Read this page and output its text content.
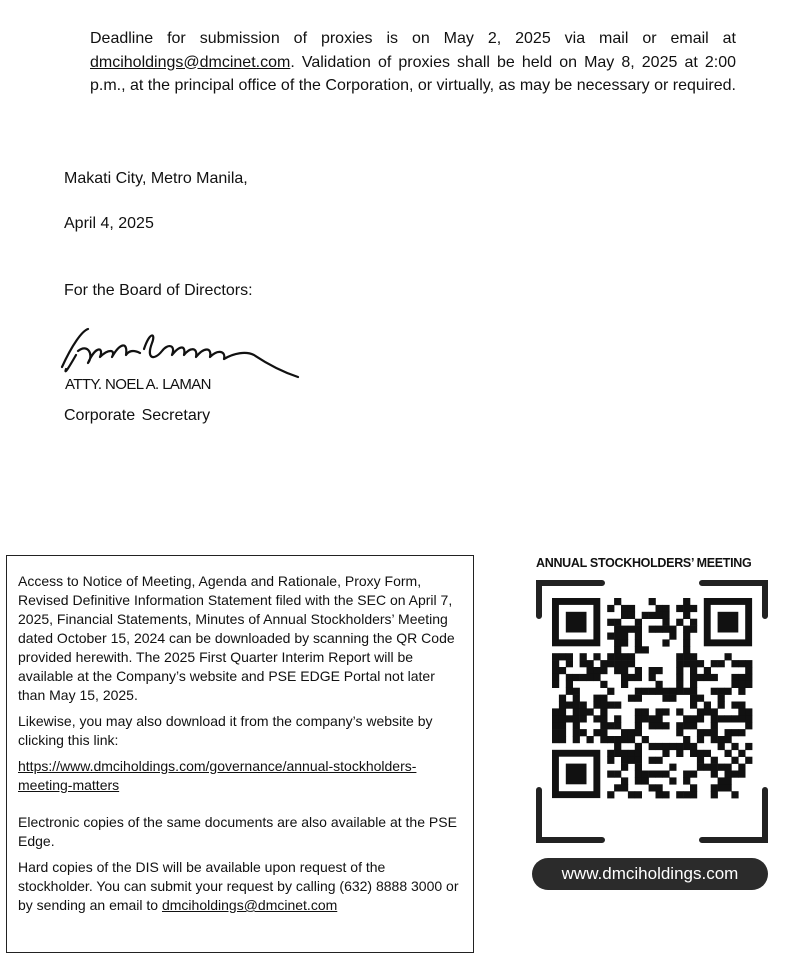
Deadline for submission of proxies is on May 2, 2025 via mail or email at dmciholdings@dmcinet.com. Validation of proxies shall be held on May 8, 2025 at 2:00 p.m., at the principal office of the Corporation, or virtually, as may be necessary or required.

Makati City, Metro Manila,

April 4, 2025

For the Board of Directors:

ATTY. NOEL A. LAMAN
Corporate Secretary

Access to Notice of Meeting, Agenda and Rationale, Proxy Form, Revised Definitive Information Statement filed with the SEC on April 7, 2025, Financial Statements, Minutes of Annual Stockholders’ Meeting dated October 15, 2024 can be downloaded by scanning the QR Code provided herewith. The 2025 First Quarter Interim Report will be available at the Company’s website and PSE EDGE Portal not later than May 15, 2025.

Likewise, you may also download it from the company’s website by clicking this link:

https://www.dmciholdings.com/governance/annual-stockholders-meeting-matters

Electronic copies of the same documents are also available at the PSE Edge.

Hard copies of the DIS will be available upon request of the stockholder. You can submit your request by calling (632) 8888 3000 or by sending an email to dmciholdings@dmcinet.com

ANNUAL STOCKHOLDERS’ MEETING
www.dmciholdings.com
